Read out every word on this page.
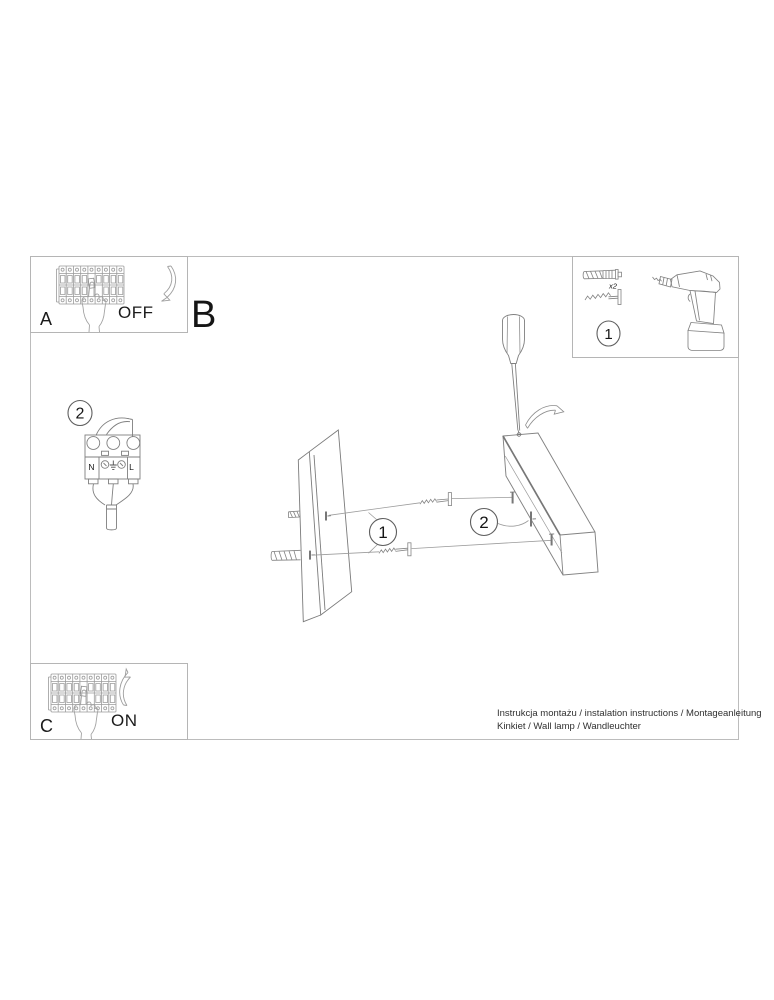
B
A	OFF
x2
1
2
N	L
1
2
C	ON	Instrukcja montażu / instalation instructions / Montageanleitung
Kinkiet / Wall lamp / Wandleuchter
